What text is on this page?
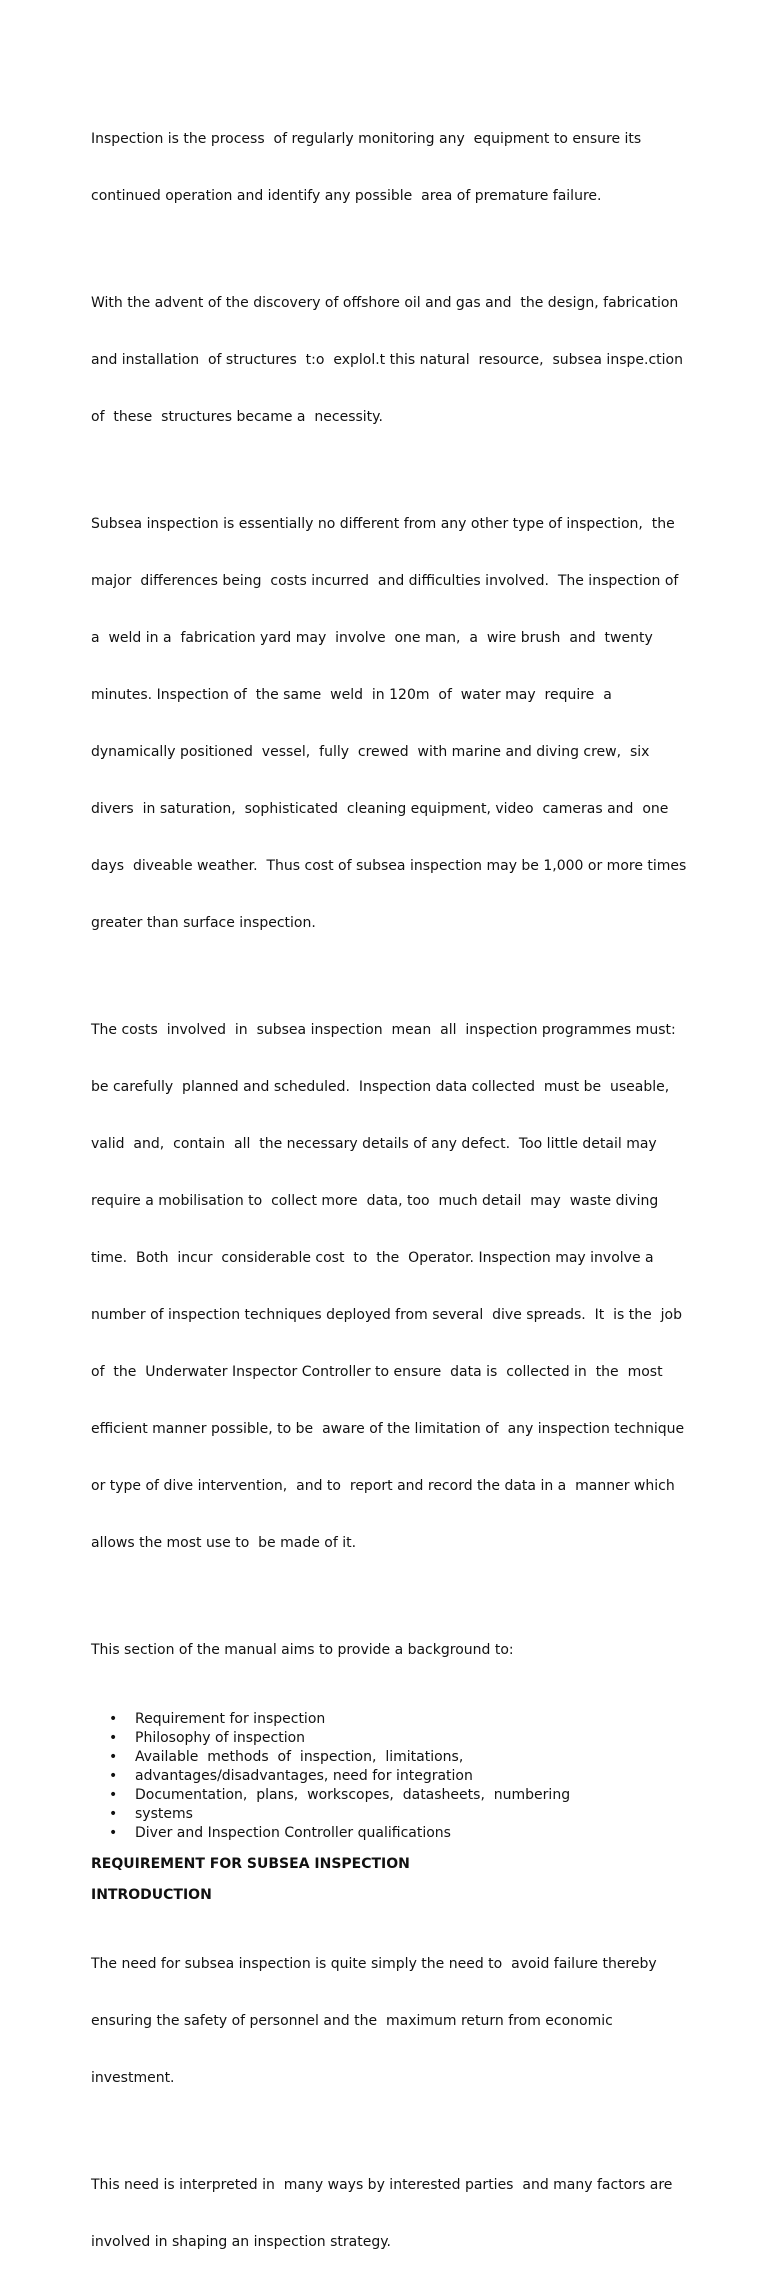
Inspection is the process  of regularly monitoring any  equipment to ensure its

continued operation and identify any possible  area of premature failure.

With the advent of the discovery of offshore oil and gas and  the design, fabrication

and installation  of structures  t:o  explol.t this natural  resource,  subsea inspe.ction

of  these  structures became a  necessity.

Subsea inspection is essentially no different from any other type of inspection,  the

major  differences being  costs incurred  and difficulties involved.  The inspection of

a  weld in a  fabrication yard may  involve  one man,  a  wire brush  and  twenty

minutes. Inspection of  the same  weld  in 120m  of  water may  require  a

dynamically positioned  vessel,  fully  crewed  with marine and diving crew,  six

divers  in saturation,  sophisticated  cleaning equipment, video  cameras and  one

days  diveable weather.  Thus cost of subsea inspection may be 1,000 or more times

greater than surface inspection.

The costs  involved  in  subsea inspection  mean  all  inspection programmes must:

be carefully  planned and scheduled.  Inspection data collected  must be  useable,

valid  and,  contain  all  the necessary details of any defect.  Too little detail may

require a mobilisation to  collect more  data, too  much detail  may  waste diving

time.  Both  incur  considerable cost  to  the  Operator. Inspection may involve a

number of inspection techniques deployed from several  dive spreads.  It  is the  job

of  the  Underwater Inspector Controller to ensure  data is  collected in  the  most

efficient manner possible, to be  aware of the limitation of  any inspection technique

or type of dive intervention,  and to  report and record the data in a  manner which

allows the most use to  be made of it.

This section of the manual aims to provide a background to:

• Requirement for inspection
• Philosophy of inspection
• Available  methods  of  inspection,  limitations,
• advantages/disadvantages, need for integration
• Documentation,  plans,  workscopes,  datasheets,  numbering
• systems
• Diver and Inspection Controller qualifications
REQUIREMENT FOR SUBSEA INSPECTION
INTRODUCTION

The need for subsea inspection is quite simply the need to  avoid failure thereby

ensuring the safety of personnel and the  maximum return from economic

investment.

This need is interpreted in  many ways by interested parties  and many factors are

involved in shaping an inspection strategy.
